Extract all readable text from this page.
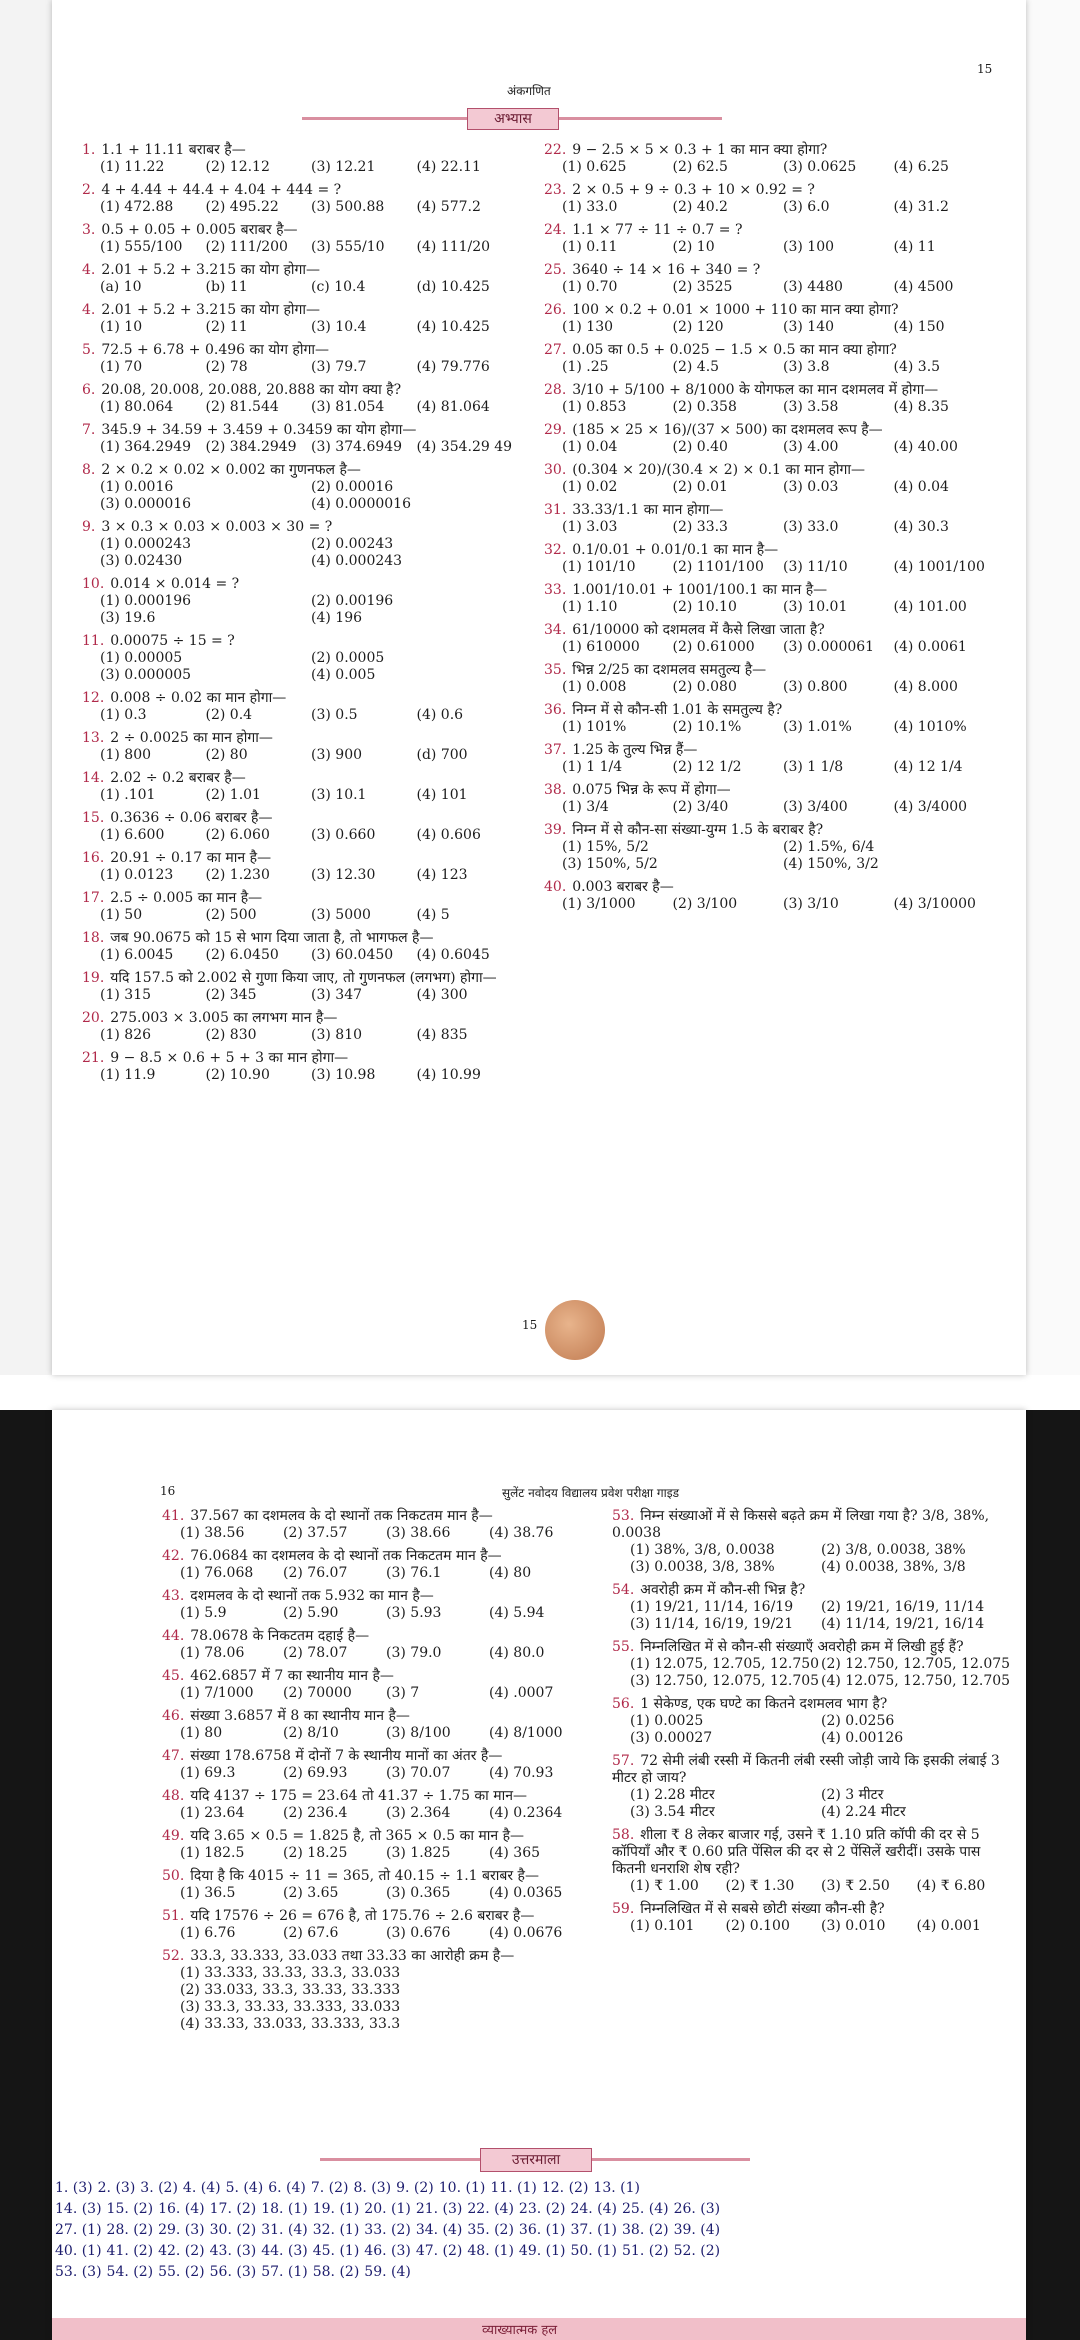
अंकगणित
15
अभ्यास
1. 1.1 + 11.11 बराबर है—
(1) 11.22	(2) 12.12	(3) 12.21	(4) 22.11
2. 4 + 4.44 + 44.4 + 4.04 + 444 = ?
(1) 472.88	(2) 495.22	(3) 500.88	(4) 577.2
3. 0.5 + 0.05 + 0.005 बराबर है—
(1) 555/100	(2) 111/200	(3) 555/10	(4) 111/20
4. 2.01 + 5.2 + 3.215 का योग होगा—
(a) 10	(b) 11	(c) 10.4	(d) 10.425
4. 2.01 + 5.2 + 3.215 का योग होगा—
(1) 10	(2) 11	(3) 10.4	(4) 10.425
5. 72.5 + 6.78 + 0.496 का योग होगा—
(1) 70	(2) 78	(3) 79.7	(4) 79.776
6. 20.08, 20.008, 20.088, 20.888 का योग क्या है?
(1) 80.064	(2) 81.544	(3) 81.054	(4) 81.064
7. 345.9 + 34.59 + 3.459 + 0.3459 का योग होगा—
(1) 364.2949	(2) 384.2949	(3) 374.6949	(4) 354.29 49
8. 2 × 0.2 × 0.02 × 0.002 का गुणनफल है—
(1) 0.0016	(2) 0.00016
(3) 0.000016	(4) 0.0000016
9. 3 × 0.3 × 0.03 × 0.003 × 30 = ?
(1) 0.000243	(2) 0.00243
(3) 0.02430	(4) 0.000243
10. 0.014 × 0.014 = ?
(1) 0.000196	(2) 0.00196
(3) 19.6	(4) 196
11. 0.00075 ÷ 15 = ?
(1) 0.00005	(2) 0.0005
(3) 0.000005	(4) 0.005
12. 0.008 ÷ 0.02 का मान होगा—
(1) 0.3	(2) 0.4	(3) 0.5	(4) 0.6
13. 2 ÷ 0.0025 का मान होगा—
(1) 800	(2) 80	(3) 900	(d) 700
14. 2.02 ÷ 0.2 बराबर है—
(1) .101	(2) 1.01	(3) 10.1	(4) 101
15. 0.3636 ÷ 0.06 बराबर है—
(1) 6.600	(2) 6.060	(3) 0.660	(4) 0.606
16. 20.91 ÷ 0.17 का मान है—
(1) 0.0123	(2) 1.230	(3) 12.30	(4) 123
17. 2.5 ÷ 0.005 का मान है—
(1) 50	(2) 500	(3) 5000	(4) 5
18. जब 90.0675 को 15 से भाग दिया जाता है, तो भागफल है—
(1) 6.0045	(2) 6.0450	(3) 60.0450	(4) 0.6045
19. यदि 157.5 को 2.002 से गुणा किया जाए, तो गुणनफल (लगभग) होगा—
(1) 315	(2) 345	(3) 347	(4) 300
20. 275.003 × 3.005 का लगभग मान है—
(1) 826	(2) 830	(3) 810	(4) 835
21. 9 − 8.5 × 0.6 + 5 + 3 का मान होगा—
(1) 11.9	(2) 10.90	(3) 10.98	(4) 10.99
22. 9 − 2.5 × 5 × 0.3 + 1 का मान क्या होगा?
(1) 0.625	(2) 62.5	(3) 0.0625	(4) 6.25
23. 2 × 0.5 + 9 ÷ 0.3 + 10 × 0.92 = ?
(1) 33.0	(2) 40.2	(3) 6.0	(4) 31.2
24. 1.1 × 77 ÷ 11 ÷ 0.7 = ?
(1) 0.11	(2) 10	(3) 100	(4) 11
25. 3640 ÷ 14 × 16 + 340 = ?
(1) 0.70	(2) 3525	(3) 4480	(4) 4500
26. 100 × 0.2 + 0.01 × 1000 + 110 का मान क्या होगा?
(1) 130	(2) 120	(3) 140	(4) 150
27. 0.05 का 0.5 + 0.025 − 1.5 × 0.5 का मान क्या होगा?
(1) .25	(2) 4.5	(3) 3.8	(4) 3.5
28. 3/10 + 5/100 + 8/1000 के योगफल का मान दशमलव में होगा—
(1) 0.853	(2) 0.358	(3) 3.58	(4) 8.35
29. (185 × 25 × 16)/(37 × 500) का दशमलव रूप है—
(1) 0.04	(2) 0.40	(3) 4.00	(4) 40.00
30. (0.304 × 20)/(30.4 × 2) × 0.1 का मान होगा—
(1) 0.02	(2) 0.01	(3) 0.03	(4) 0.04
31. 33.33/1.1 का मान होगा—
(1) 3.03	(2) 33.3	(3) 33.0	(4) 30.3
32. 0.1/0.01 + 0.01/0.1 का मान है—
(1) 101/10	(2) 1101/100	(3) 11/10	(4) 1001/100
33. 1.001/10.01 + 1001/100.1 का मान है—
(1) 1.10	(2) 10.10	(3) 10.01	(4) 101.00
34. 61/10000 को दशमलव में कैसे लिखा जाता है?
(1) 610000	(2) 0.61000	(3) 0.000061	(4) 0.0061
35. भिन्न 2/25 का दशमलव समतुल्य है—
(1) 0.008	(2) 0.080	(3) 0.800	(4) 8.000
36. निम्न में से कौन-सी 1.01 के समतुल्य है?
(1) 101%	(2) 10.1%	(3) 1.01%	(4) 1010%
37. 1.25 के तुल्य भिन्न हैं—
(1) 1 1/4	(2) 12 1/2	(3) 1 1/8	(4) 12 1/4
38. 0.075 भिन्न के रूप में होगा—
(1) 3/4	(2) 3/40	(3) 3/400	(4) 3/4000
39. निम्न में से कौन-सा संख्या-युग्म 1.5 के बराबर है?
(1) 15%, 5/2	(2) 1.5%, 6/4
(3) 150%, 5/2	(4) 150%, 3/2
40. 0.003 बराबर है—
(1) 3/1000	(2) 3/100	(3) 3/10	(4) 3/10000
15
16	सुलेंट नवोदय विद्यालय प्रवेश परीक्षा गाइड
41. 37.567 का दशमलव के दो स्थानों तक निकटतम मान है—
(1) 38.56	(2) 37.57	(3) 38.66	(4) 38.76
42. 76.0684 का दशमलव के दो स्थानों तक निकटतम मान है—
(1) 76.068	(2) 76.07	(3) 76.1	(4) 80
43. दशमलव के दो स्थानों तक 5.932 का मान है—
(1) 5.9	(2) 5.90	(3) 5.93	(4) 5.94
44. 78.0678 के निकटतम दहाई है—
(1) 78.06	(2) 78.07	(3) 79.0	(4) 80.0
45. 462.6857 में 7 का स्थानीय मान है—
(1) 7/1000	(2) 70000	(3) 7	(4) .0007
46. संख्या 3.6857 में 8 का स्थानीय मान है—
(1) 80	(2) 8/10	(3) 8/100	(4) 8/1000
47. संख्या 178.6758 में दोनों 7 के स्थानीय मानों का अंतर है—
(1) 69.3	(2) 69.93	(3) 70.07	(4) 70.93
48. यदि 4137 ÷ 175 = 23.64 तो 41.37 ÷ 1.75 का मान—
(1) 23.64	(2) 236.4	(3) 2.364	(4) 0.2364
49. यदि 3.65 × 0.5 = 1.825 है, तो 365 × 0.5 का मान है—
(1) 182.5	(2) 18.25	(3) 1.825	(4) 365
50. दिया है कि 4015 ÷ 11 = 365, तो 40.15 ÷ 1.1 बराबर है—
(1) 36.5	(2) 3.65	(3) 0.365	(4) 0.0365
51. यदि 17576 ÷ 26 = 676 है, तो 175.76 ÷ 2.6 बराबर है—
(1) 6.76	(2) 67.6	(3) 0.676	(4) 0.0676
52. 33.3, 33.333, 33.033 तथा 33.33 का आरोही क्रम है—
(1) 33.333, 33.33, 33.3, 33.033
(2) 33.033, 33.3, 33.33, 33.333
(3) 33.3, 33.33, 33.333, 33.033
(4) 33.33, 33.033, 33.333, 33.3
53. निम्न संख्याओं में से किससे बढ़ते क्रम में लिखा गया है? 3/8, 38%, 0.0038
(1) 38%, 3/8, 0.0038	(2) 3/8, 0.0038, 38%
(3) 0.0038, 3/8, 38%	(4) 0.0038, 38%, 3/8
54. अवरोही क्रम में कौन-सी भिन्न है?
(1) 19/21, 11/14, 16/19	(2) 19/21, 16/19, 11/14
(3) 11/14, 16/19, 19/21	(4) 11/14, 19/21, 16/14
55. निम्नलिखित में से कौन-सी संख्याएँ अवरोही क्रम में लिखी हुई हैं?
(1) 12.075, 12.705, 12.750 (2) 12.750, 12.705, 12.075
(3) 12.750, 12.075, 12.705 (4) 12.075, 12.750, 12.705
56. 1 सेकेण्ड, एक घण्टे का कितने दशमलव भाग है?
(1) 0.0025	(2) 0.0256
(3) 0.00027	(4) 0.00126
57. 72 सेमी लंबी रस्सी में कितनी लंबी रस्सी जोड़ी जाये कि इसकी लंबाई 3 मीटर हो जाय?
(1) 2.28 मीटर	(2) 3 मीटर
(3) 3.54 मीटर	(4) 2.24 मीटर
58. शीला ₹ 8 लेकर बाजार गई, उसने ₹ 1.10 प्रति कॉपी की दर से 5 कॉपियाँ और ₹ 0.60 प्रति पेंसिल की दर से 2 पेंसिलें खरीदीं। उसके पास कितनी धनराशि शेष रही?
(1) ₹ 1.00	(2) ₹ 1.30	(3) ₹ 2.50	(4) ₹ 6.80
59. निम्नलिखित में से सबसे छोटी संख्या कौन-सी है?
(1) 0.101	(2) 0.100	(3) 0.010	(4) 0.001
उत्तरमाला
1. (3) 2. (3) 3. (2) 4. (4) 5. (4) 6. (4) 7. (2) 8. (3) 9. (2) 10. (1) 11. (1) 12. (2) 13. (1)
14. (3) 15. (2) 16. (4) 17. (2) 18. (1) 19. (1) 20. (1) 21. (3) 22. (4) 23. (2) 24. (4) 25. (4) 26. (3)
27. (1) 28. (2) 29. (3) 30. (2) 31. (4) 32. (1) 33. (2) 34. (4) 35. (2) 36. (1) 37. (1) 38. (2) 39. (4)
40. (1) 41. (2) 42. (2) 43. (3) 44. (3) 45. (1) 46. (3) 47. (2) 48. (1) 49. (1) 50. (1) 51. (2) 52. (2)
53. (3) 54. (2) 55. (2) 56. (3) 57. (1) 58. (2) 59. (4)
व्याख्यात्मक हल
